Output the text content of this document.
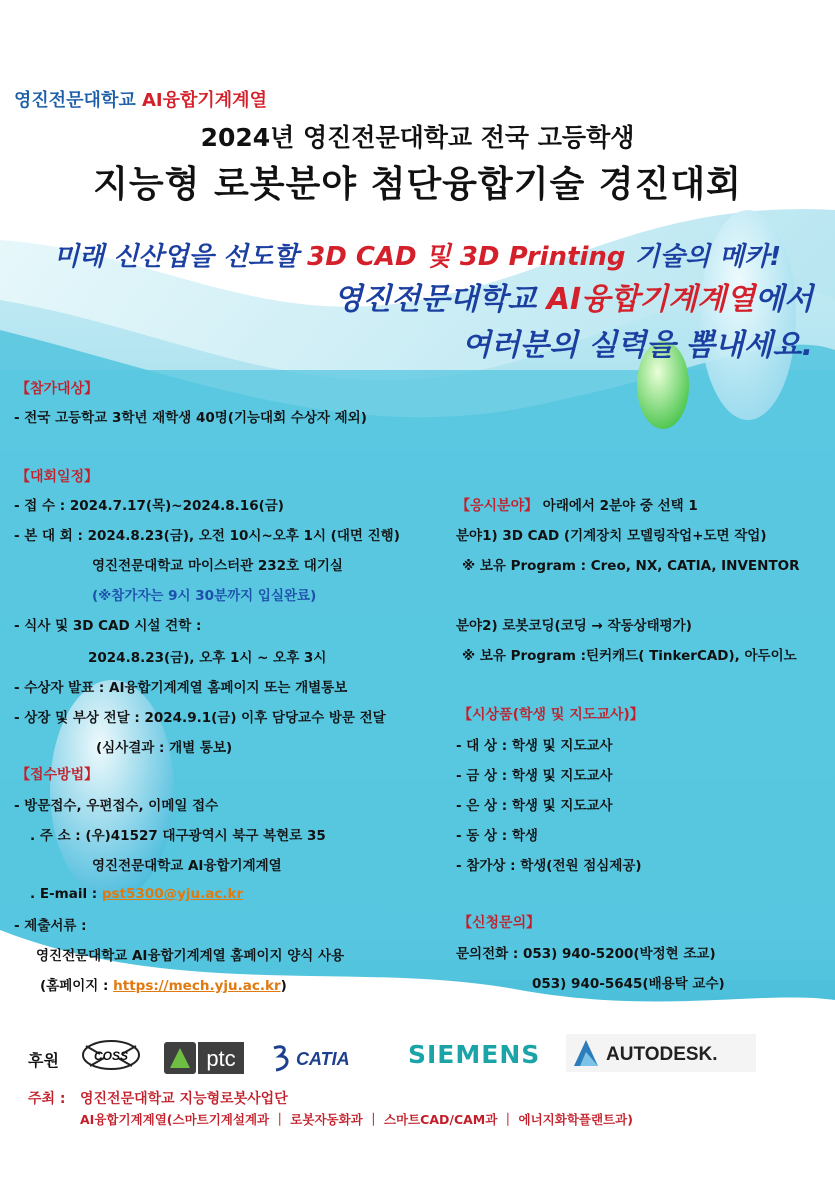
영진전문대학교 AI융합기계계열
2024년 영진전문대학교 전국 고등학생
지능형 로봇분야 첨단융합기술 경진대회
미래 신산업을 선도할 3D CAD 및 3D Printing 기술의 메카!
영진전문대학교 AI융합기계계열에서
여러분의 실력을 뽐내세요.
【참가대상】
- 전국 고등학교 3학년 재학생 40명(기능대회 수상자 제외)
【대회일정】
- 접 수 : 2024.7.17(목)~2024.8.16(금)
- 본 대 회 : 2024.8.23(금), 오전 10시~오후 1시 (대면 진행)
영진전문대학교 마이스터관 232호 대기실
(※참가자는 9시 30분까지 입실완료)
- 식사 및 3D CAD 시설 견학 :
2024.8.23(금), 오후 1시 ~ 오후 3시
- 수상자 발표 : AI융합기계계열 홈페이지 또는 개별통보
- 상장 및 부상 전달 : 2024.9.1(금) 이후 담당교수 방문 전달
(심사결과 : 개별 통보)
【접수방법】
- 방문접수, 우편접수, 이메일 접수
. 주 소 : (우)41527 대구광역시 북구 복현로 35
영진전문대학교 AI융합기계계열
. E-mail : pst5300@yju.ac.kr
- 제출서류 :
영진전문대학교 AI융합기계계열 홈페이지 양식 사용
(홈페이지 : https://mech.yju.ac.kr)
【응시분야】 아래에서 2분야 중 선택 1
분야1) 3D CAD (기계장치 모델링작업+도면 작업)
※ 보유 Program : Creo, NX, CATIA, INVENTOR
분야2) 로봇코딩(코딩 → 작동상태평가)
※ 보유 Program :틴커캐드( TinkerCAD), 아두이노
【시상품(학생 및 지도교사)】
- 대 상 : 학생 및 지도교사
- 금 상 : 학생 및 지도교사
- 은 상 : 학생 및 지도교사
- 동 상 : 학생
- 참가상 : 학생(전원 점심제공)
【신청문의】
문의전화 : 053) 940-5200(박정현 조교)
053) 940-5645(배용탁 교수)
후원	COSS	ptc	CATIA SIEMENS	AUTODESK.
주최 : 영진전문대학교 지능형로봇사업단
AI융합기계계열(스마트기계설계과 ｜ 로봇자동화과 ｜ 스마트CAD/CAM과 ｜ 에너지화학플랜트과)
